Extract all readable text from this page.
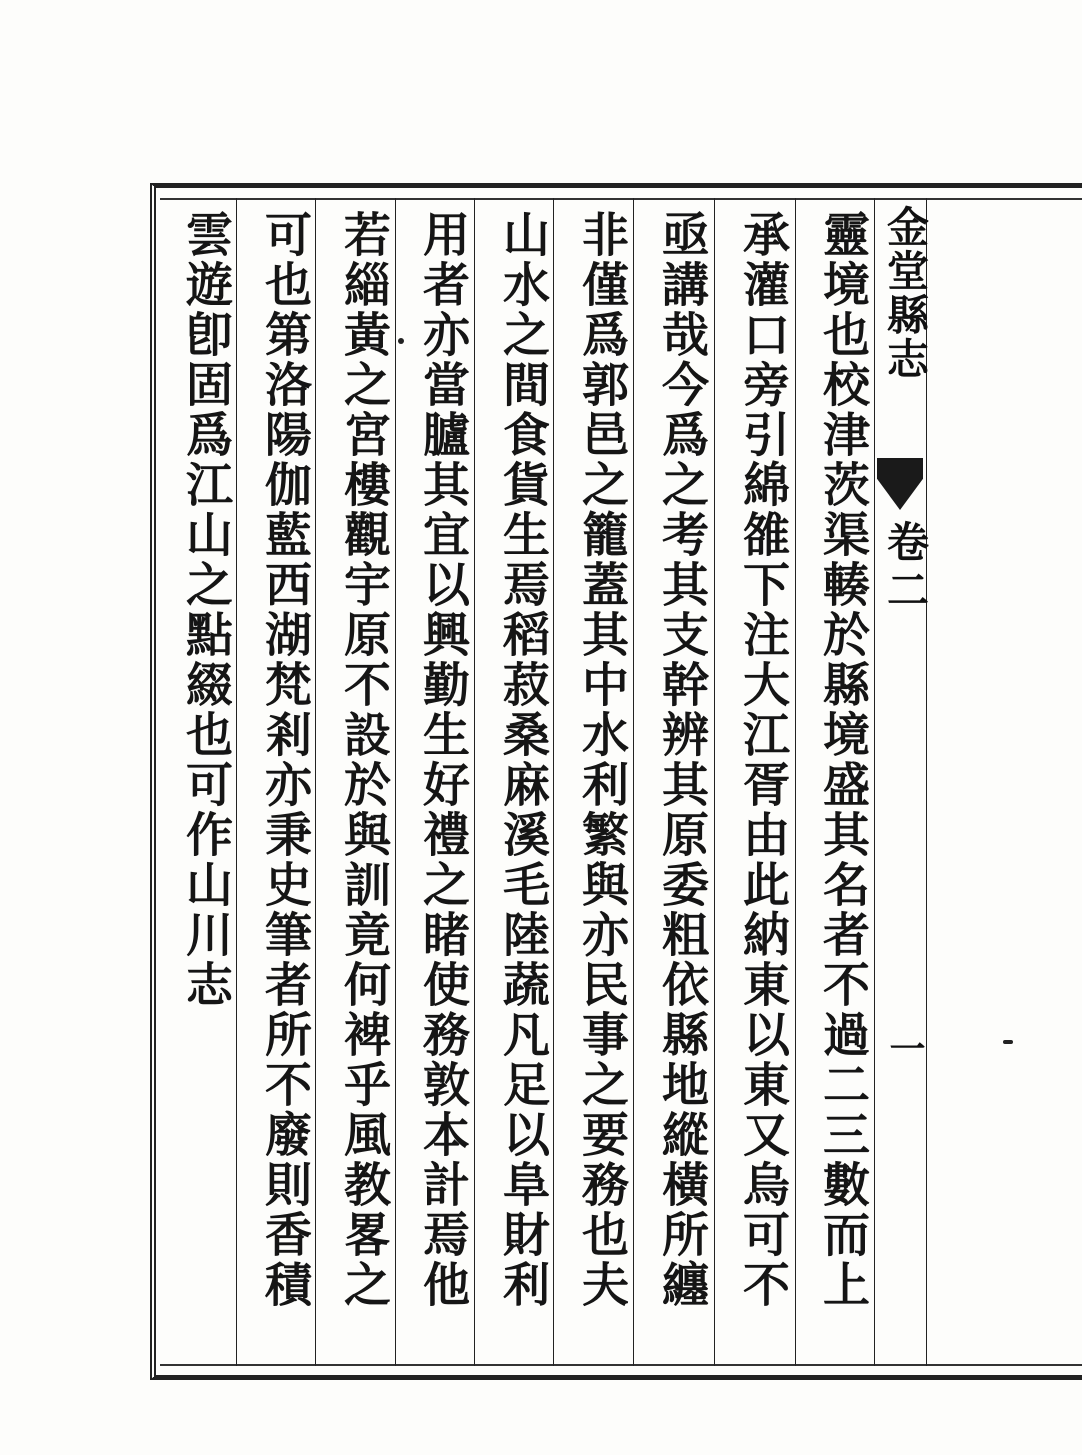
金堂縣志
卷二
一
靈境也校津茨渠輳於縣境盛其名者不過二三數而上
承灌口旁引綿雒下注大江胥由此納東以東又烏可不
亟講哉今爲之考其支幹辨其原委粗依縣地縱橫所纏
非僅爲郭邑之籠蓋其中水利繁與亦民事之要務也夫
山水之間食貨生焉稻菽桑麻溪毛陸蔬凡足以阜財利
用者亦當臚其宜以興勤生好禮之睹使務敦本計焉他
若緇黃之宮樓觀宇原不設於與訓竟何裨乎風教畧之
可也第洛陽伽藍西湖梵剎亦秉史筆者所不廢則香積
雲遊卽固爲江山之點綴也可作山川志
